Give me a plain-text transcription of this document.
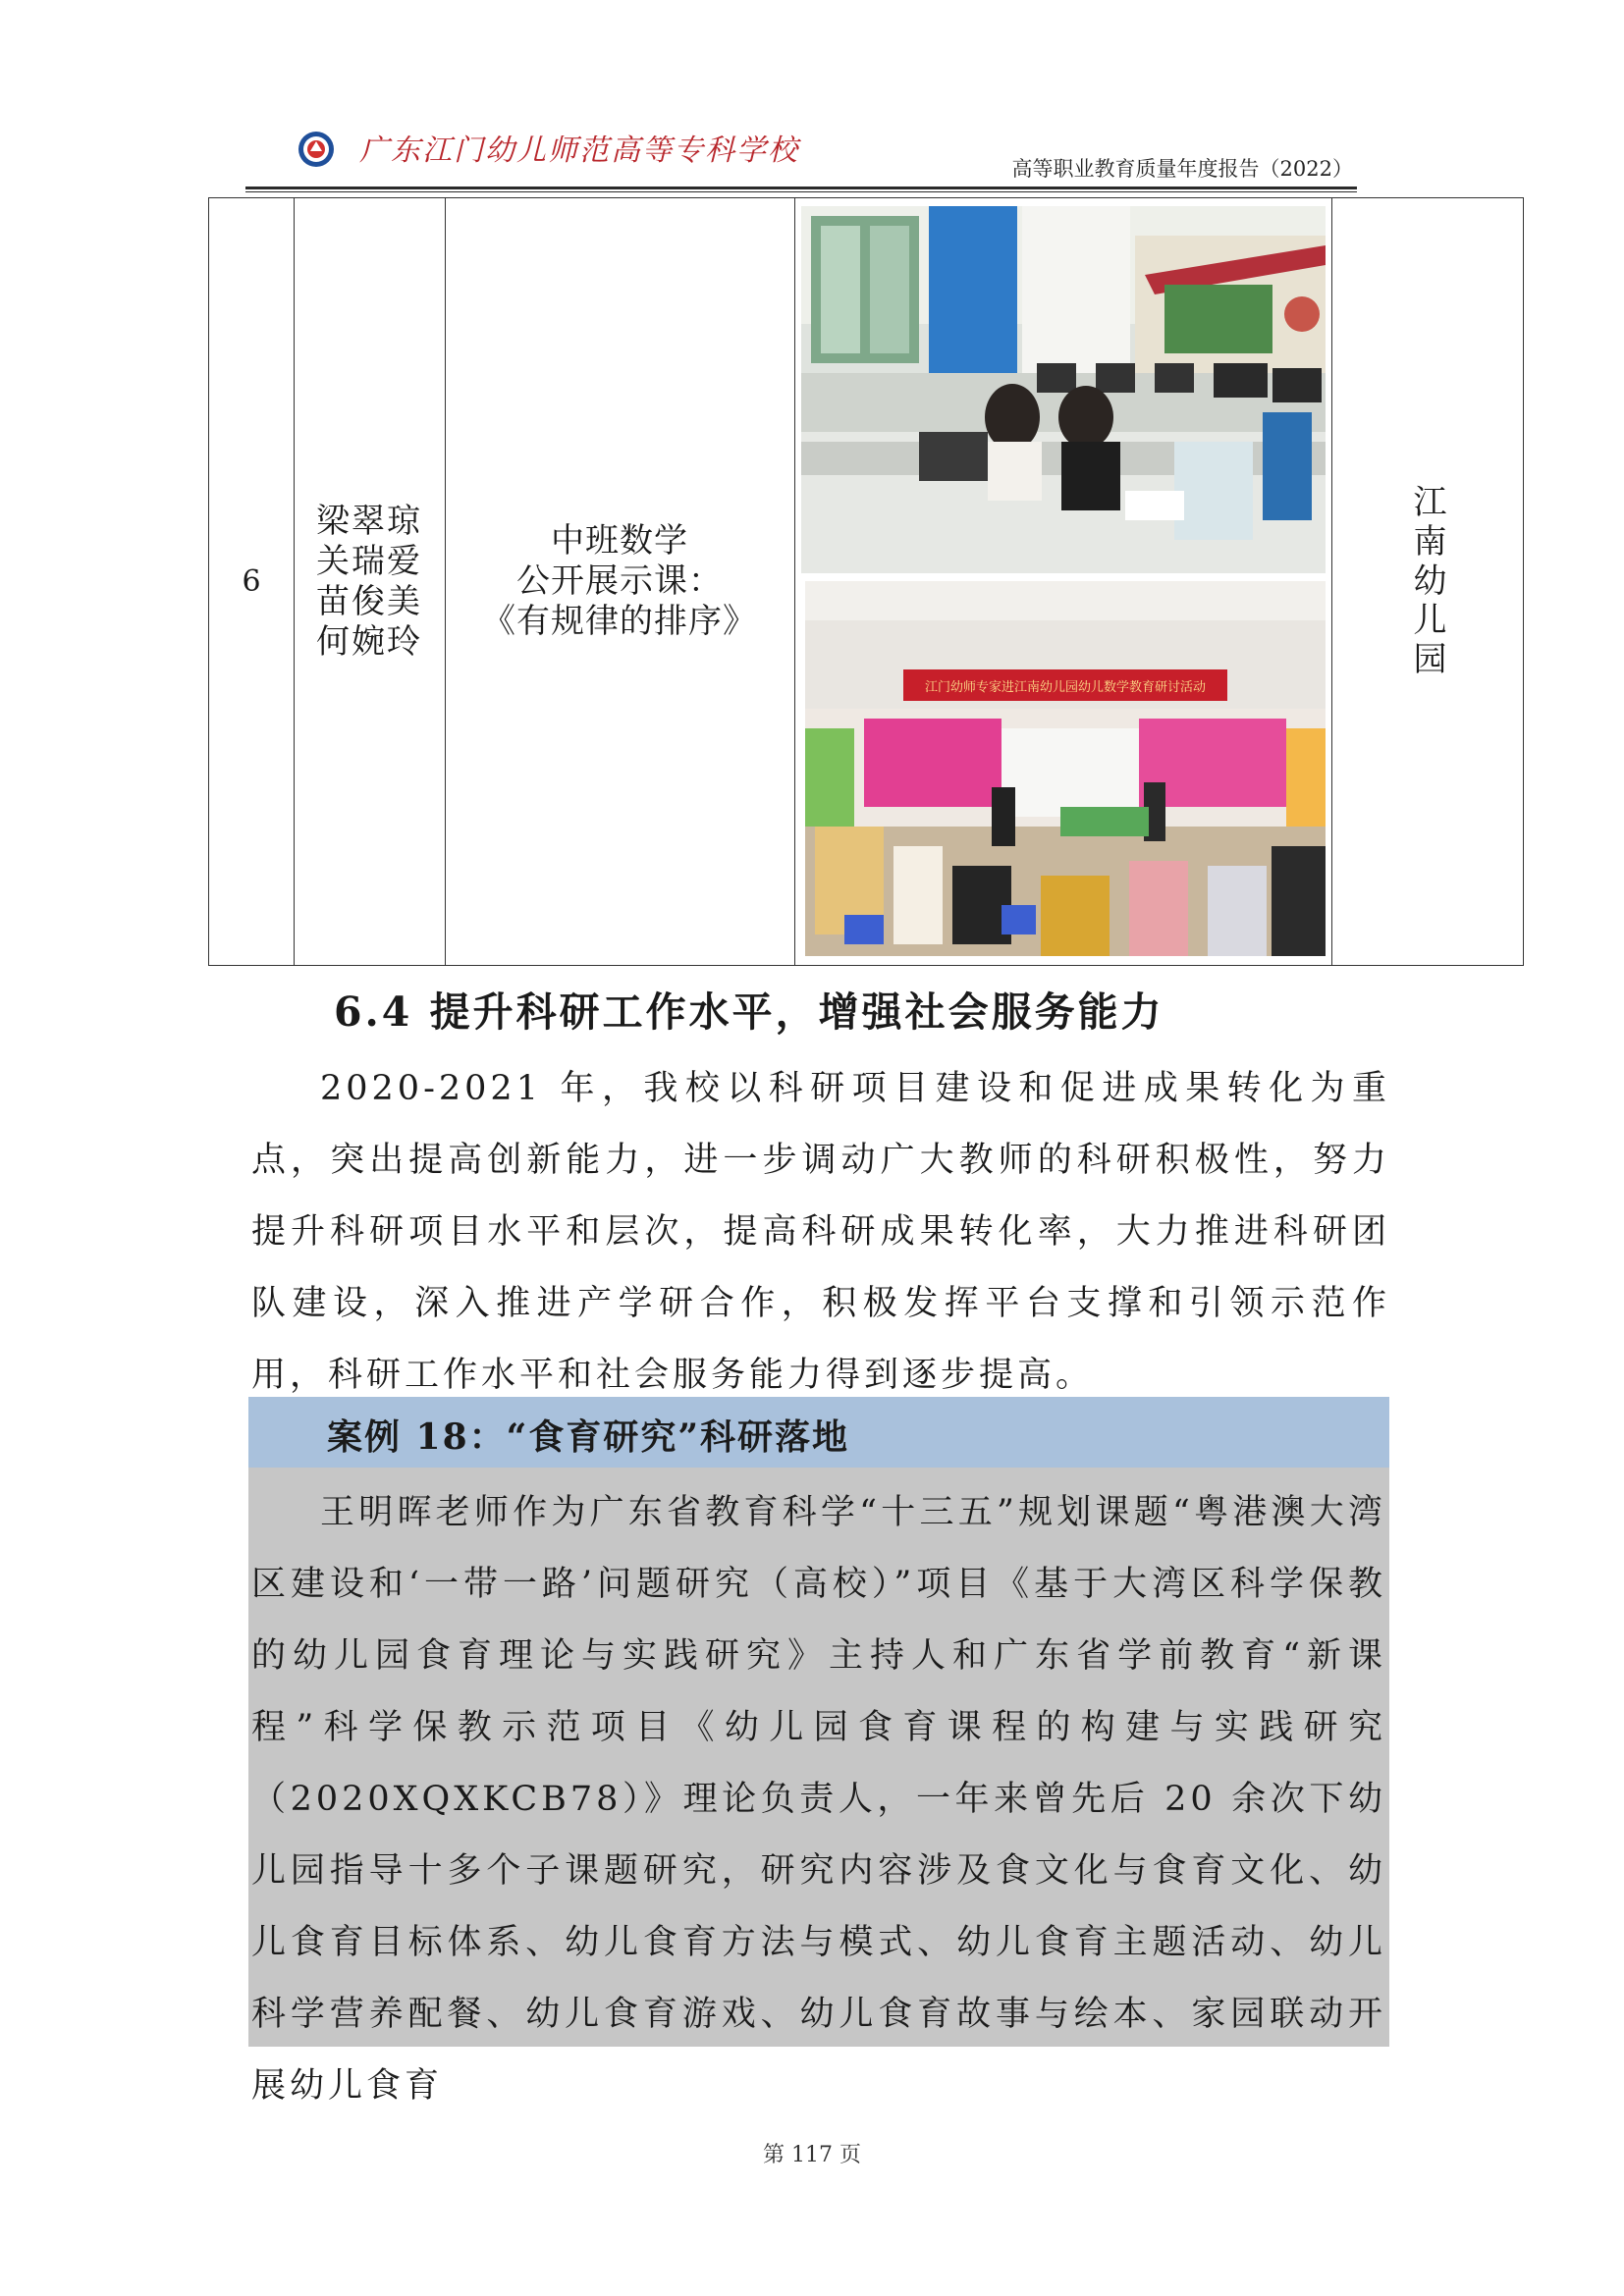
广东江门幼儿师范高等专科学校
高等职业教育质量年度报告（2022）
6
梁翠琼
关瑞爱
苗俊美
何婉玲
中班数学
公开展示课：
《有规律的排序》
江门幼师专家进江南幼儿园幼儿数学教育研讨活动
江南幼儿园
6.4 提升科研工作水平，增强社会服务能力
2020-2021 年，我校以科研项目建设和促进成果转化为重点，突出提高创新能力，进一步调动广大教师的科研积极性，努力提升科研项目水平和层次，提高科研成果转化率，大力推进科研团队建设，深入推进产学研合作，积极发挥平台支撑和引领示范作用，科研工作水平和社会服务能力得到逐步提高。
案例 18：“食育研究”科研落地
王明晖老师作为广东省教育科学“十三五”规划课题“粤港澳大湾区建设和‘一带一路’问题研究（高校）”项目《基于大湾区科学保教的幼儿园食育理论与实践研究》主持人和广东省学前教育“新课程”科学保教示范项目《幼儿园食育课程的构建与实践研究（2020XQXKCB78）》理论负责人，一年来曾先后 20 余次下幼儿园指导十多个子课题研究，研究内容涉及食文化与食育文化、幼儿食育目标体系、幼儿食育方法与模式、幼儿食育主题活动、幼儿科学营养配餐、幼儿食育游戏、幼儿食育故事与绘本、家园联动开展幼儿食育
第 117 页
